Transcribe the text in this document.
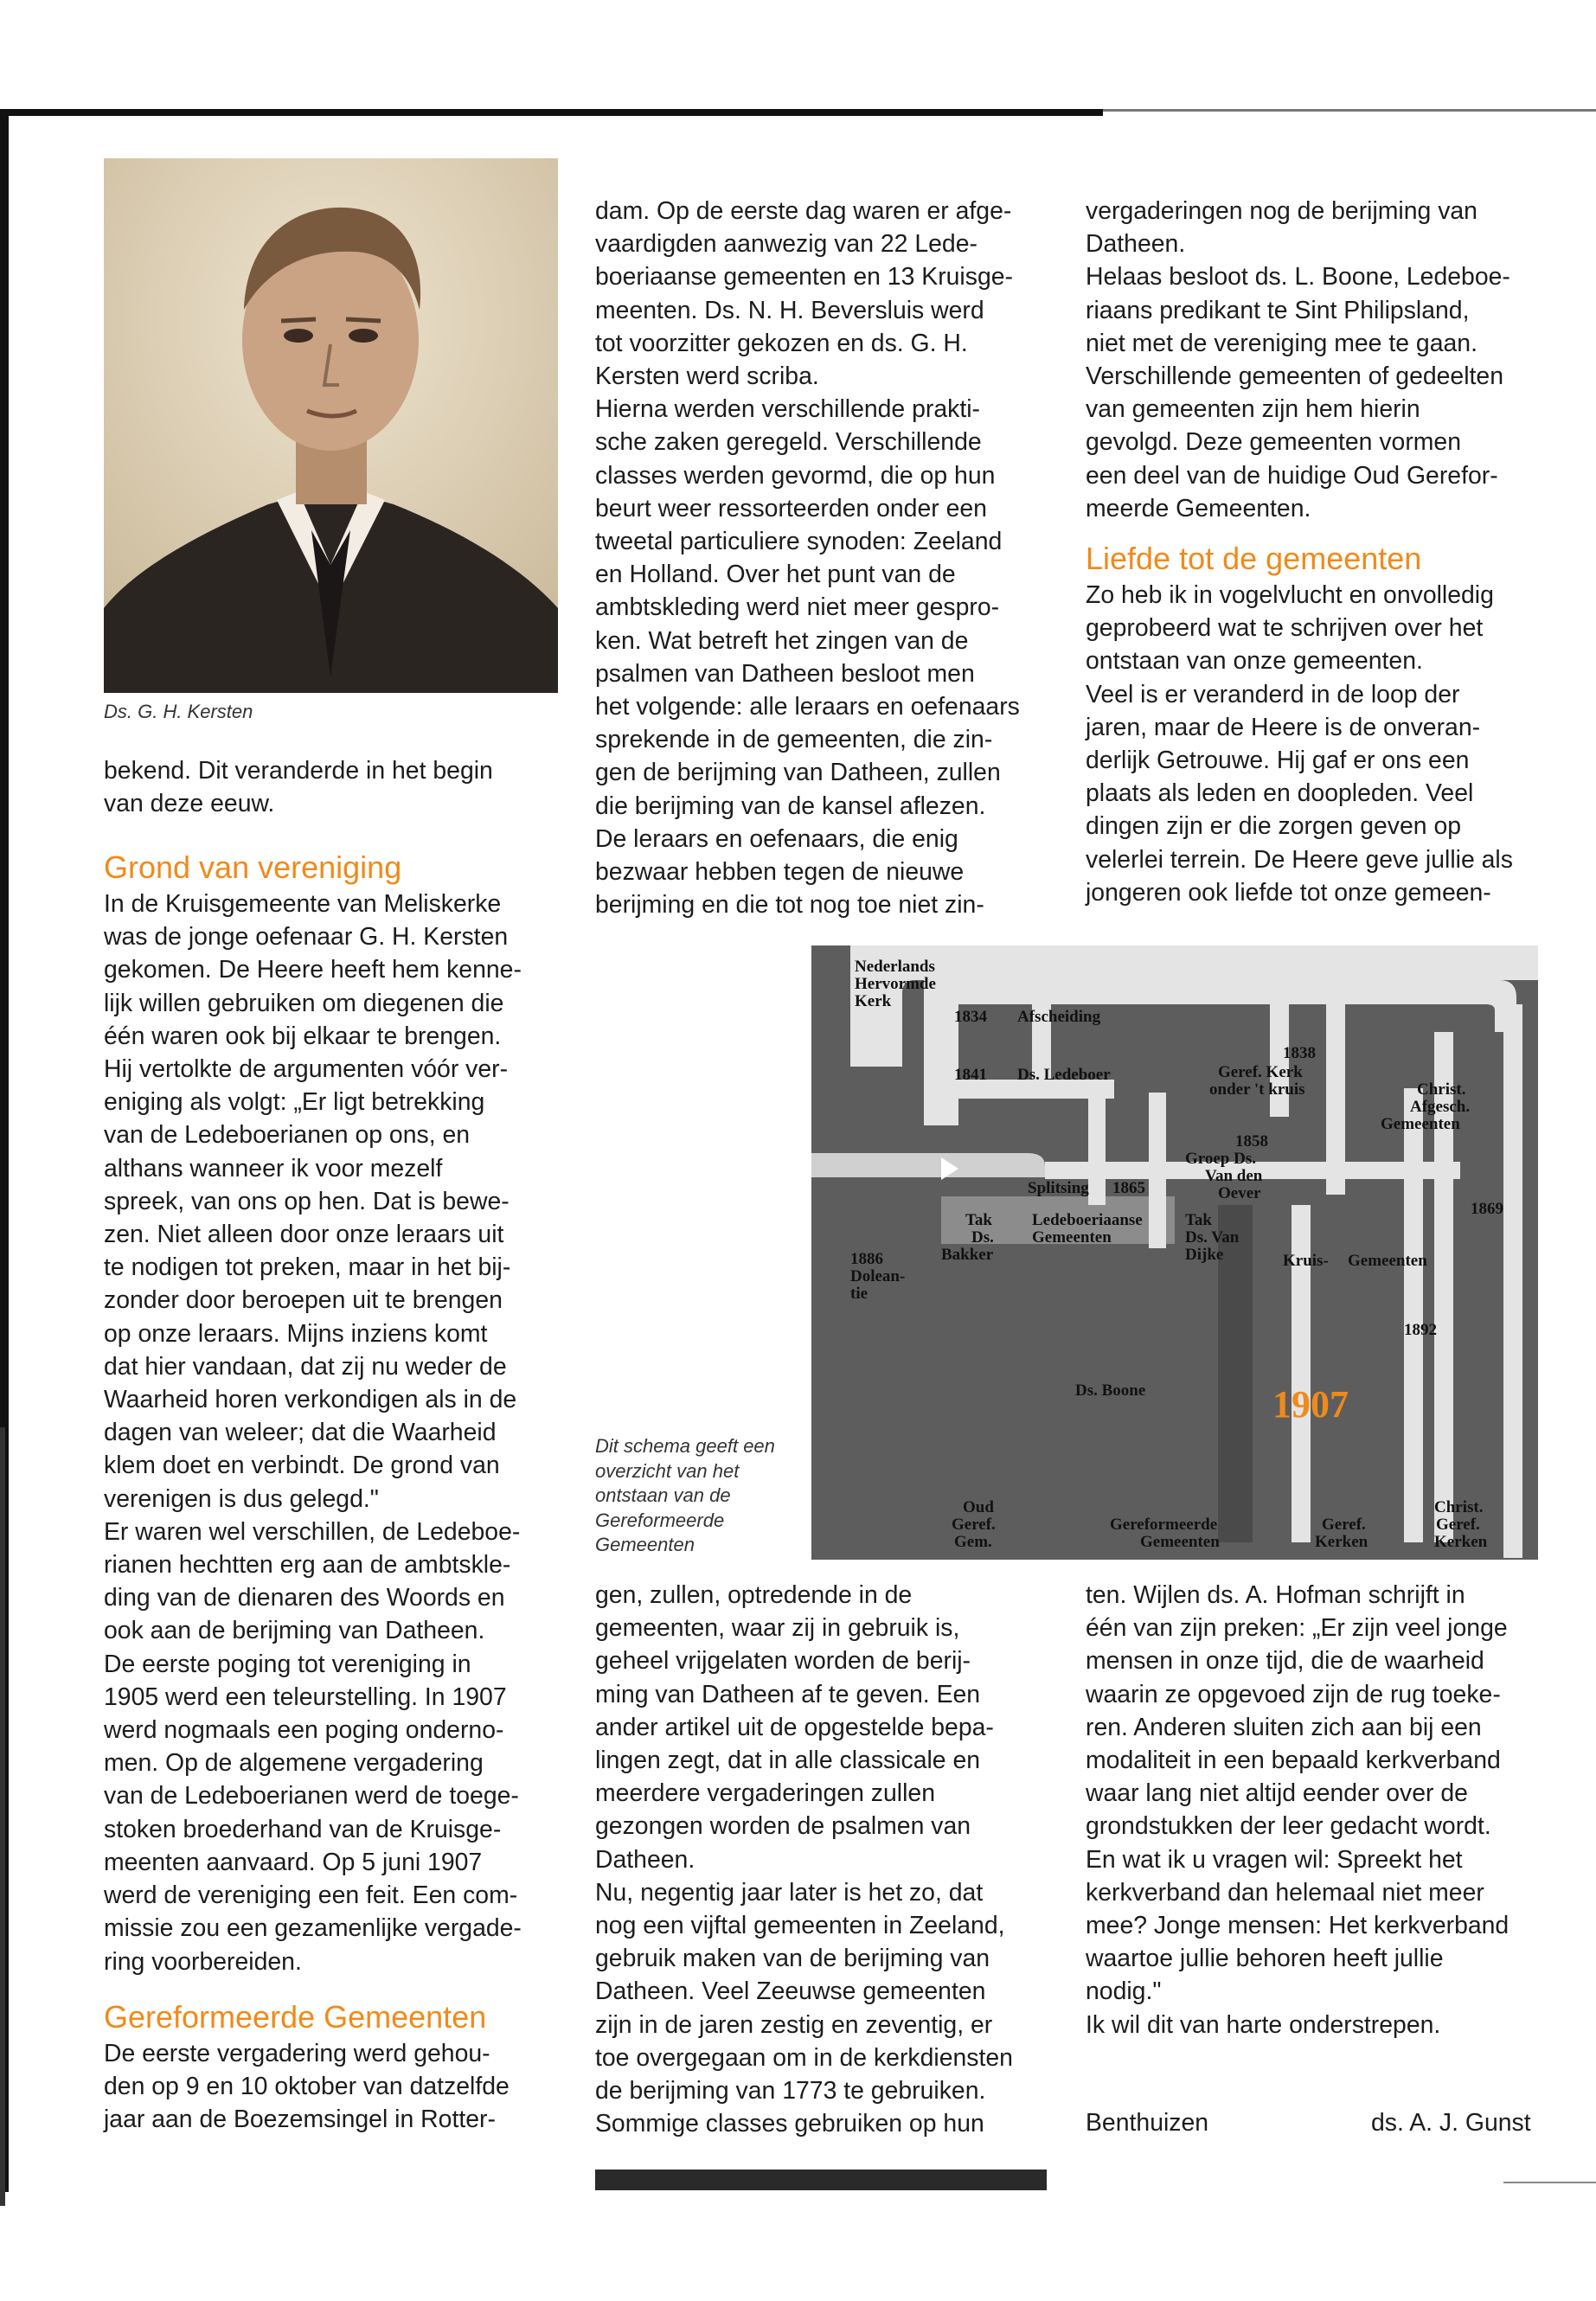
Ds. G. H. Kersten

bekend. Dit veranderde in het begin

van deze eeuw.

Grond van vereniging

In de Kruisgemeente van Meliskerke

was de jonge oefenaar G. H. Kersten

gekomen. De Heere heeft hem kenne-

lijk willen gebruiken om diegenen die

één waren ook bij elkaar te brengen.

Hij vertolkte de argumenten vóór ver-

eniging als volgt: „Er ligt betrekking

van de Ledeboerianen op ons, en

althans wanneer ik voor mezelf

spreek, van ons op hen. Dat is bewe-

zen. Niet alleen door onze leraars uit

te nodigen tot preken, maar in het bij-

zonder door beroepen uit te brengen

op onze leraars. Mijns inziens komt

dat hier vandaan, dat zij nu weder de

Waarheid horen verkondigen als in de

dagen van weleer; dat die Waarheid

klem doet en verbindt. De grond van

verenigen is dus gelegd."

Er waren wel verschillen, de Ledeboe-

rianen hechtten erg aan de ambtskle-

ding van de dienaren des Woords en

ook aan de berijming van Datheen.

De eerste poging tot vereniging in

1905 werd een teleurstelling. In 1907

werd nogmaals een poging onderno-

men. Op de algemene vergadering

van de Ledeboerianen werd de toege-

stoken broederhand van de Kruisge-

meenten aanvaard. Op 5 juni 1907

werd de vereniging een feit. Een com-

missie zou een gezamenlijke vergade-

ring voorbereiden.

Gereformeerde Gemeenten

De eerste vergadering werd gehou-

den op 9 en 10 oktober van datzelfde

jaar aan de Boezemsingel in Rotter-

dam. Op de eerste dag waren er afge-

vaardigden aanwezig van 22 Lede-

boeriaanse gemeenten en 13 Kruisge-

meenten. Ds. N. H. Beversluis werd

tot voorzitter gekozen en ds. G. H.

Kersten werd scriba.

Hierna werden verschillende prakti-

sche zaken geregeld. Verschillende

classes werden gevormd, die op hun

beurt weer ressorteerden onder een

tweetal particuliere synoden: Zeeland

en Holland. Over het punt van de

ambtskleding werd niet meer gespro-

ken. Wat betreft het zingen van de

psalmen van Datheen besloot men

het volgende: alle leraars en oefenaars

sprekende in de gemeenten, die zin-

gen de berijming van Datheen, zullen

die berijming van de kansel aflezen.

De leraars en oefenaars, die enig

bezwaar hebben tegen de nieuwe

berijming en die tot nog toe niet zin-

gen, zullen, optredende in de

gemeenten, waar zij in gebruik is,

geheel vrijgelaten worden de berij-

ming van Datheen af te geven. Een

ander artikel uit de opgestelde bepa-

lingen zegt, dat in alle classicale en

meerdere vergaderingen zullen

gezongen worden de psalmen van

Datheen.

Nu, negentig jaar later is het zo, dat

nog een vijftal gemeenten in Zeeland,

gebruik maken van de berijming van

Datheen. Veel Zeeuwse gemeenten

zijn in de jaren zestig en zeventig, er

toe overgegaan om in de kerkdiensten

de berijming van 1773 te gebruiken.

Sommige classes gebruiken op hun

vergaderingen nog de berijming van

Datheen.

Helaas besloot ds. L. Boone, Ledeboe-

riaans predikant te Sint Philipsland,

niet met de vereniging mee te gaan.

Verschillende gemeenten of gedeelten

van gemeenten zijn hem hierin

gevolgd. Deze gemeenten vormen

een deel van de huidige Oud Gerefor-

meerde Gemeenten.

Liefde tot de gemeenten

Zo heb ik in vogelvlucht en onvolledig

geprobeerd wat te schrijven over het

ontstaan van onze gemeenten.

Veel is er veranderd in de loop der

jaren, maar de Heere is de onveran-

derlijk Getrouwe. Hij gaf er ons een

plaats als leden en doopleden. Veel

dingen zijn er die zorgen geven op

velerlei terrein. De Heere geve jullie als

jongeren ook liefde tot onze gemeen-

ten. Wijlen ds. A. Hofman schrijft in

één van zijn preken: „Er zijn veel jonge

mensen in onze tijd, die de waarheid

waarin ze opgevoed zijn de rug toeke-

ren. Anderen sluiten zich aan bij een

modaliteit in een bepaald kerkverband

waar lang niet altijd eender over de

grondstukken der leer gedacht wordt.

En wat ik u vragen wil: Spreekt het

kerkverband dan helemaal niet meer

mee? Jonge mensen: Het kerkverband

waartoe jullie behoren heeft jullie

nodig."

Ik wil dit van harte onderstrepen.

Benthuizen	ds. A. J. Gunst
Dit schema geeft een
overzicht van het
ontstaan van de
Gereformeerde
Gemeenten
Nederlands
Hervormde
Kerk
1834 Afscheiding
1841 Ds. Ledeboer
1838
Geref. Kerk
onder 't kruis	Christ.
Afgesch.
Gemeenten
1858
Groep Ds.
Van den
Oever
Splitsing 1865
1869
Tak
Ds.
Bakker
Ledeboeriaanse
Gemeenten
Tak
Ds. Van
Dijke	Kruis- Gemeenten
1886
Dolean-
tie
1892
Ds. Boone	1907
Oud
Geref.
Gem.
Gereformeerde
Gemeenten
Geref.
Kerken
Christ.
Geref.
Kerken
